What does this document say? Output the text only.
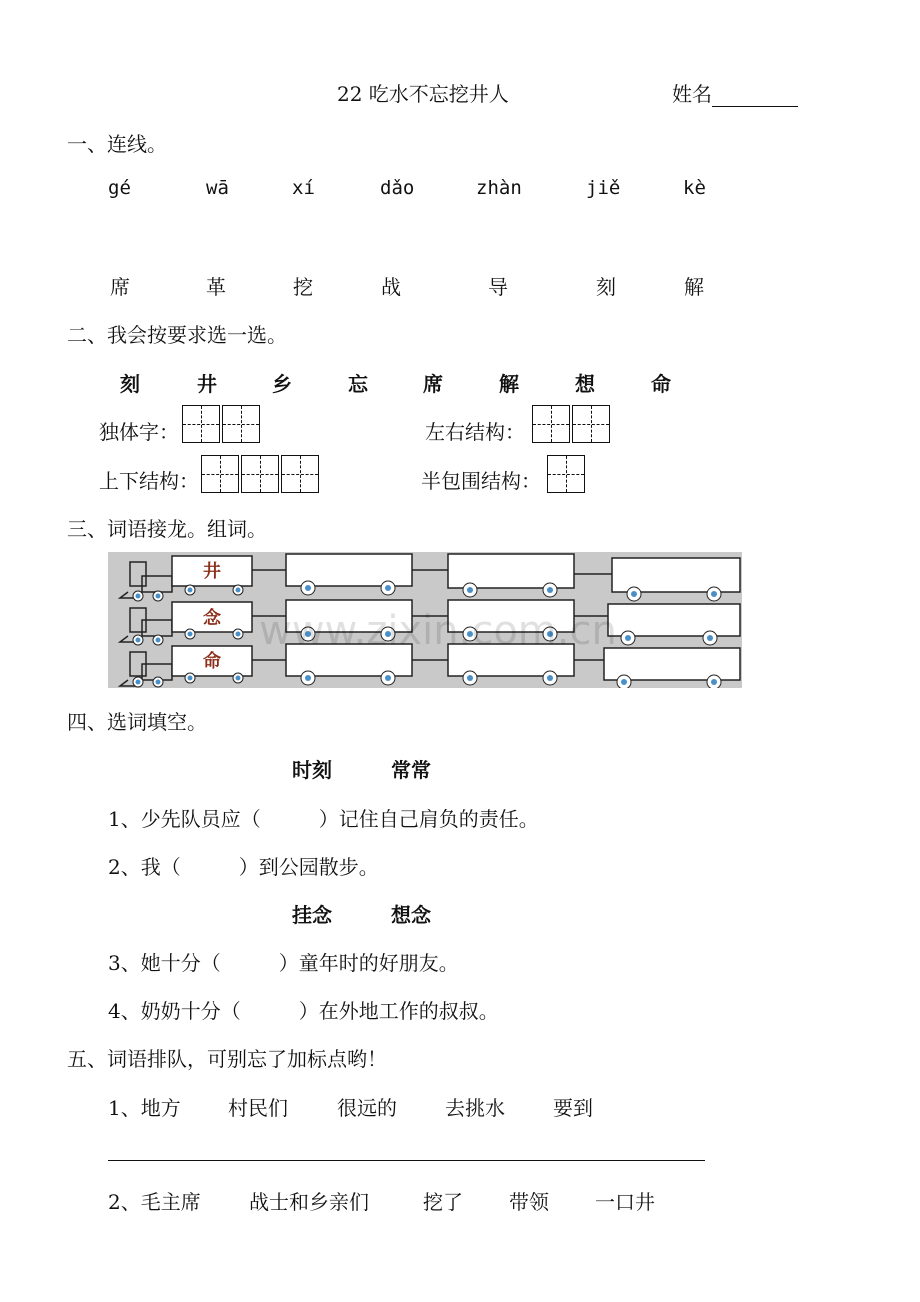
22 吃水不忘挖井人	姓名
一、连线。
gé	wā	xí	dǎo	zhàn	jiě	kè
席	革	挖	战	导	刻	解
二、我会按要求选一选。
刻	井	乡	忘	席	解	想	命
独体字：	左右结构：
上下结构：	半包围结构：
三、词语接龙。组词。
井
念
命
www.zixin.com.cn
四、选词填空。
时刻	常常
1、少先队员应（	）记住自己肩负的责任。
2、我（	）到公园散步。
挂念	想念
3、她十分（	）童年时的好朋友。
4、奶奶十分（	）在外地工作的叔叔。
五、词语排队，可别忘了加标点哟！
1、地方 村民们 很远的 去挑水 要到
2、毛主席 战士和乡亲们	挖了 带领 一口井
